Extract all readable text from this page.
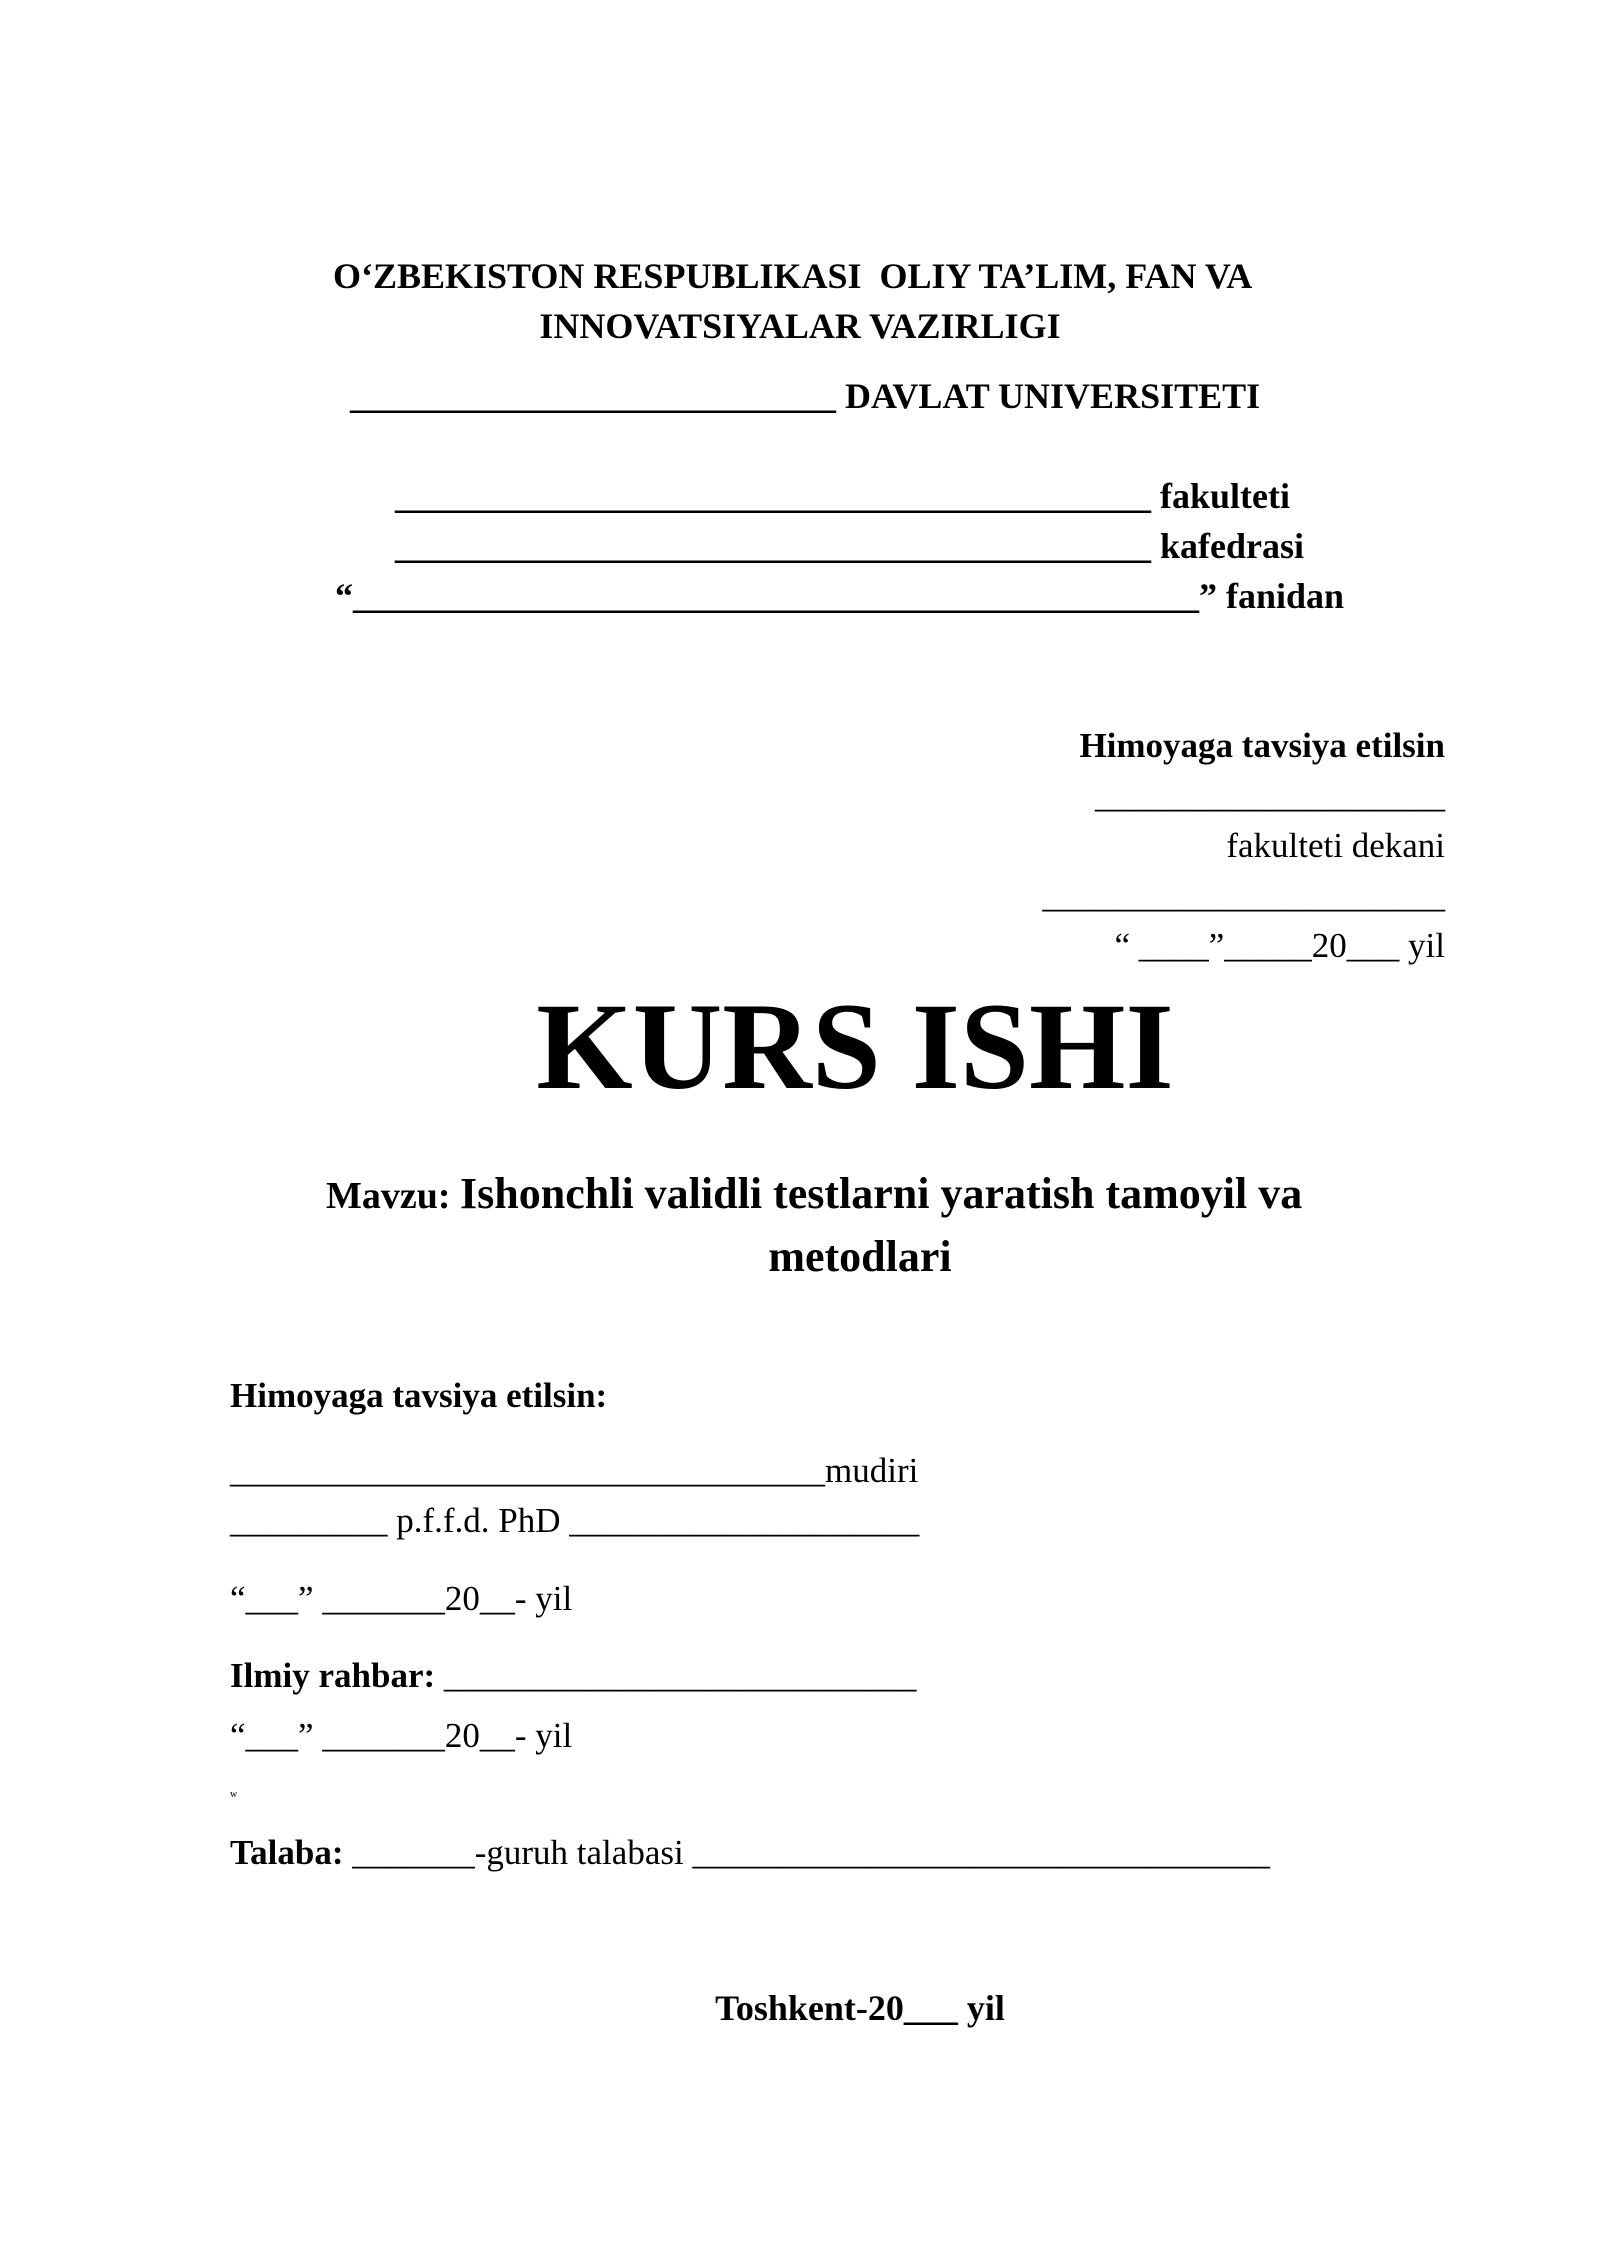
O‘ZBEKISTON RESPUBLIKASI  OLIY TA’LIM, FAN VA
INNOVATSIYALAR VAZIRLIGI
___________________________ DAVLAT UNIVERSITETI
__________________________________________ fakulteti
__________________________________________ kafedrasi
“_______________________________________________” fanidan
Himoyaga tavsiya etilsin
____________________
fakulteti dekani
_______________________
“ ____”_____20___ yil
KURS ISHI
Mavzu: Ishonchli validli testlarni yaratish tamoyil va
metodlari
Himoyaga tavsiya etilsin:
__________________________________mudiri
_________ p.f.f.d. PhD ____________________
“___” _______20__- yil
Ilmiy rahbar: ___________________________
“___” _______20__- yil
w
Talaba: _______-guruh talabasi _________________________________
Toshkent-20___ yil
